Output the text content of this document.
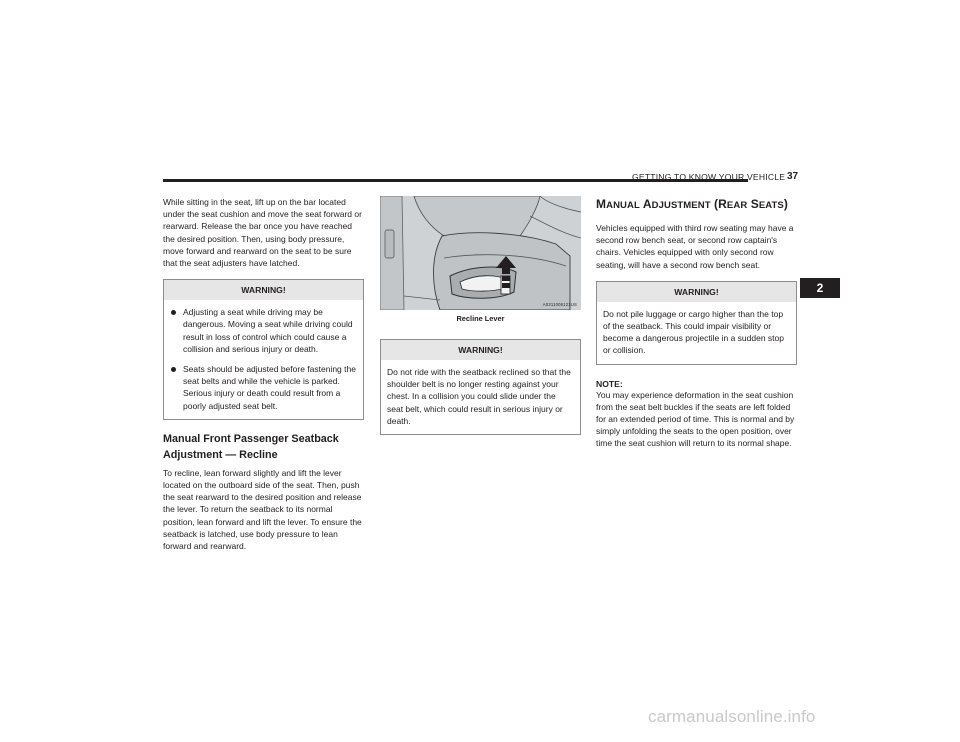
GETTING TO KNOW YOUR VEHICLE 37

While sitting in the seat, lift up on the bar located under the seat cushion and move the seat forward or rearward. Release the bar once you have reached the desired position. Then, using body pressure, move forward and rearward on the seat to be sure that the seat adjusters have latched.

WARNING!
Adjusting a seat while driving may be dangerous. Moving a seat while driving could result in loss of control which could cause a collision and serious injury or death.
Seats should be adjusted before fastening the seat belts and while the vehicle is parked. Serious injury or death could result from a poorly adjusted seat belt.
Manual Front Passenger Seatback Adjustment — Recline

To recline, lean forward slightly and lift the lever located on the outboard side of the seat. Then, push the seat rearward to the desired position and release the lever. To return the seatback to its normal position, lean forward and lift the lever. To ensure the seatback is latched, use body pressure to lean forward and rearward.

A0211006121US
Recline Lever
WARNING!
Do not ride with the seatback reclined so that the shoulder belt is no longer resting against your chest. In a collision you could slide under the seat belt, which could result in serious injury or death.
MANUAL ADJUSTMENT (REAR SEATS)

Vehicles equipped with third row seating may have a second row bench seat, or second row captain's chairs. Vehicles equipped with only second row seating, will have a second row bench seat.

WARNING!
Do not pile luggage or cargo higher than the top of the seatback. This could impair visibility or become a dangerous projectile in a sudden stop or collision.
NOTE:

You may experience deformation in the seat cushion from the seat belt buckles if the seats are left folded for an extended period of time. This is normal and by simply unfolding the seats to the open position, over time the seat cushion will return to its normal shape.

2
carmanualsonline.info
